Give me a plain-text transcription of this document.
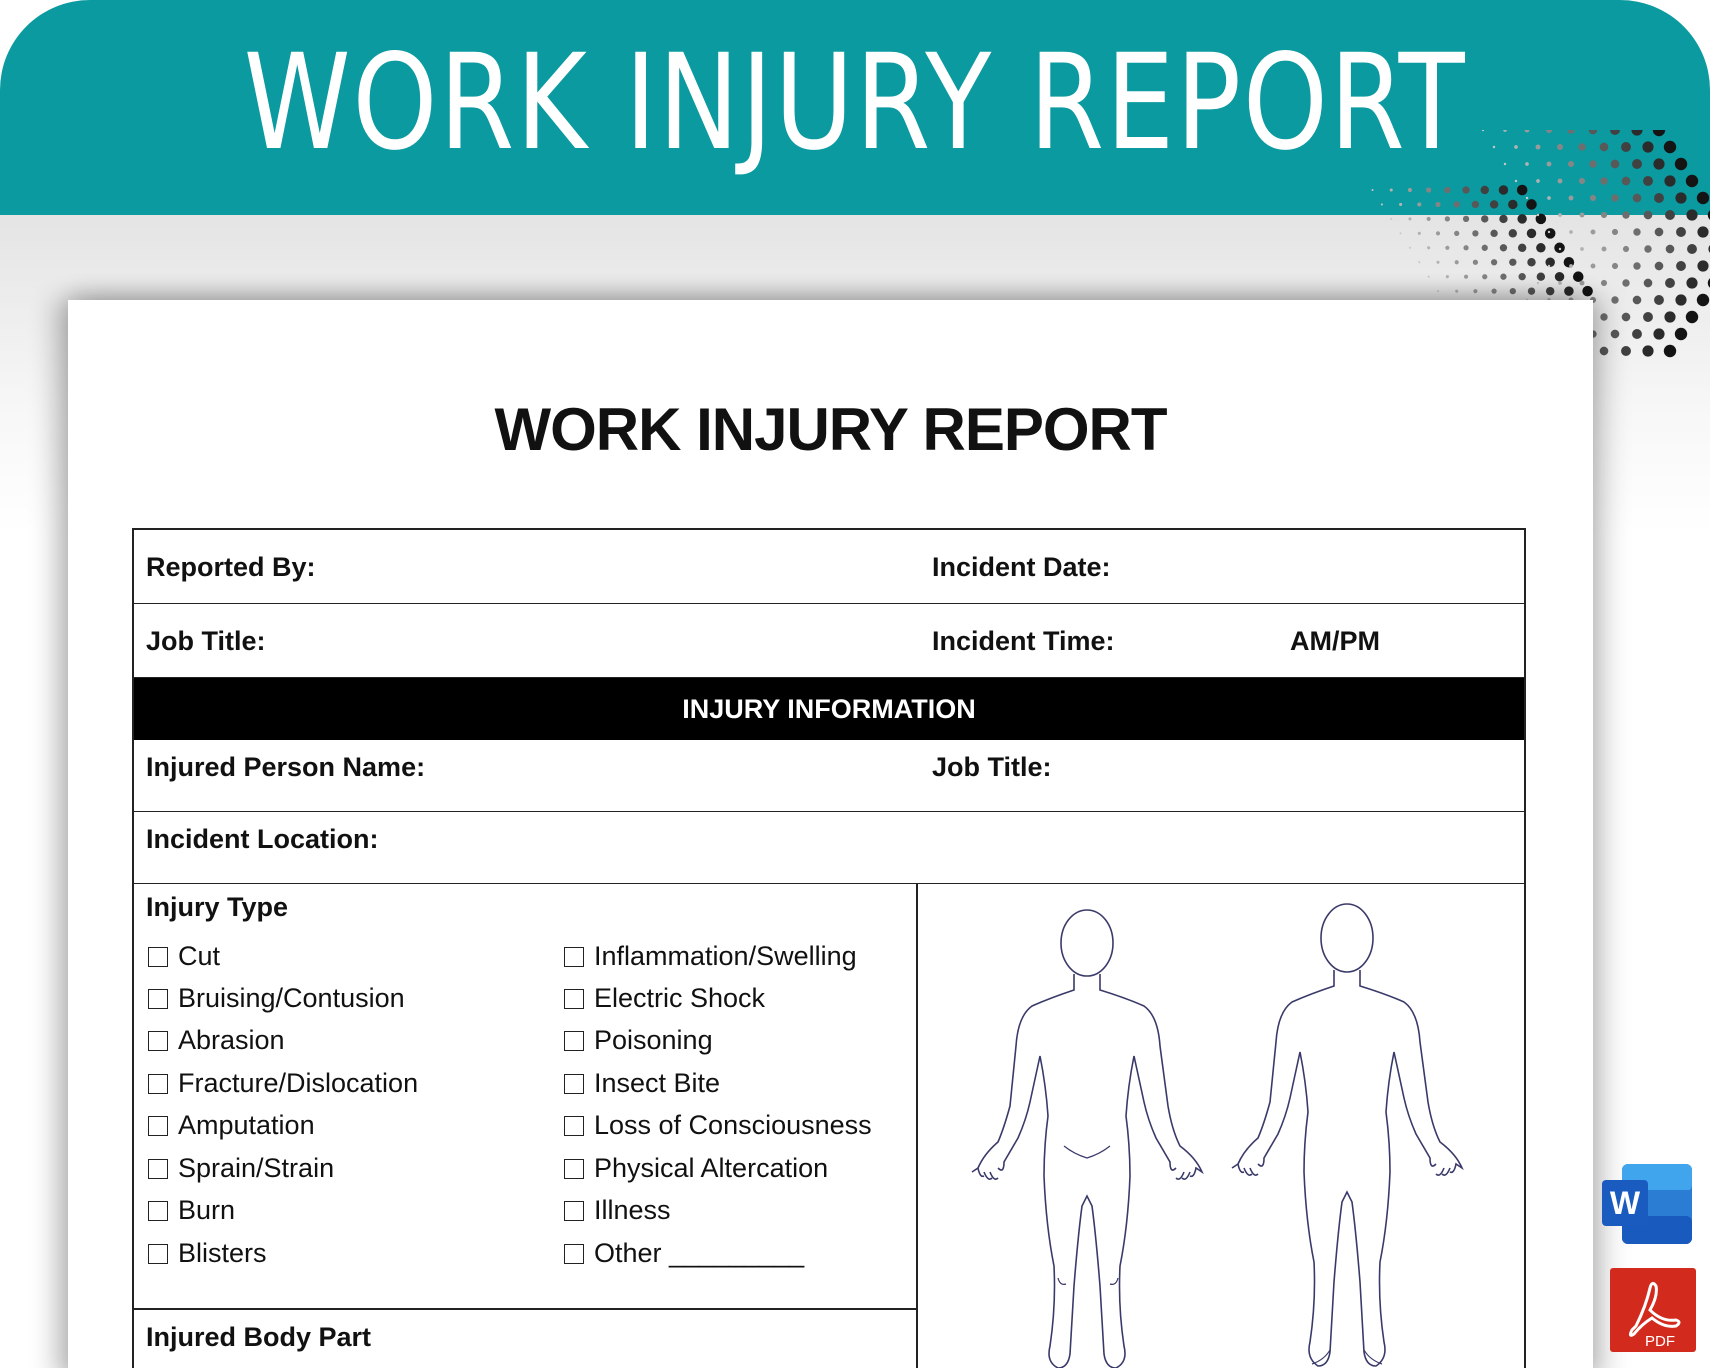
WORK INJURY REPORT
WORK INJURY REPORT
Reported By:	Incident Date:
Job Title:	Incident Time:	AM/PM
INJURY INFORMATION
Injured Person Name:	Job Title:
Incident Location:
Injury Type
Cut
Bruising/Contusion
Abrasion
Fracture/Dislocation
Amputation
Sprain/Strain
Burn
Blisters
Inflammation/Swelling
Electric Shock
Poisoning
Insect Bite
Loss of Consciousness
Physical Altercation
Illness
Other _________
Injured Body Part
W
PDF
